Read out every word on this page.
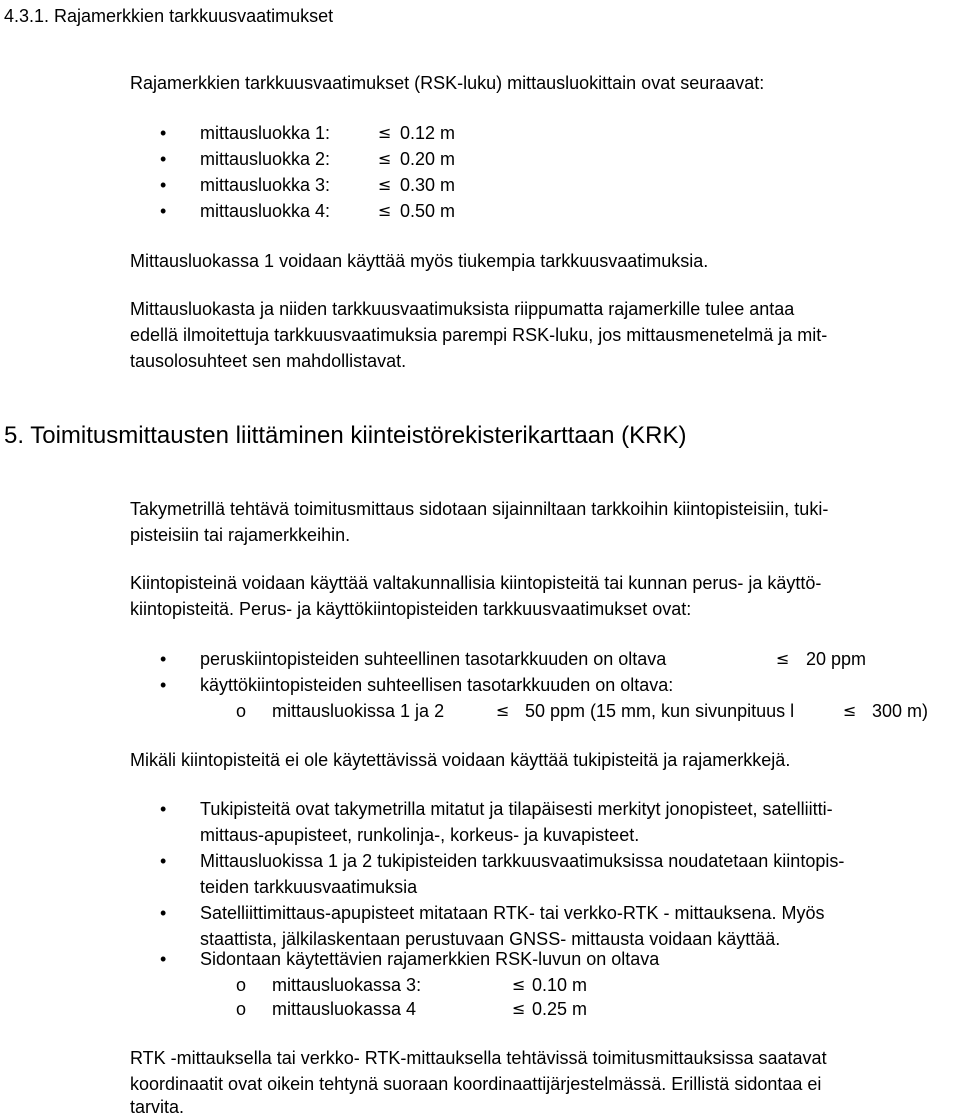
4.3.1. Rajamerkkien tarkkuusvaatimukset
Rajamerkkien tarkkuusvaatimukset (RSK-luku) mittausluokittain ovat seuraavat:
• mittausluokka 1:	≤ 0.12 m
• mittausluokka 2:	≤ 0.20 m
• mittausluokka 3:	≤ 0.30 m
• mittausluokka 4:	≤ 0.50 m
Mittausluokassa 1 voidaan käyttää myös tiukempia tarkkuusvaatimuksia.
Mittausluokasta ja niiden tarkkuusvaatimuksista riippumatta rajamerkille tulee antaa
edellä ilmoitettuja tarkkuusvaatimuksia parempi RSK-luku, jos mittausmenetelmä ja mit-
tausolosuhteet sen mahdollistavat.
5. Toimitusmittausten liittäminen kiinteistörekisterikarttaan (KRK)
Takymetrillä tehtävä toimitusmittaus sidotaan sijainniltaan tarkkoihin kiintopisteisiin, tuki-
pisteisiin tai rajamerkkeihin.
Kiintopisteinä voidaan käyttää valtakunnallisia kiintopisteitä tai kunnan perus- ja käyttö-
kiintopisteitä. Perus- ja käyttökiintopisteiden tarkkuusvaatimukset ovat:
• peruskiintopisteiden suhteellinen tasotarkkuuden on oltava	≤ 20 ppm
• käyttökiintopisteiden suhteellisen tasotarkkuuden on oltava:
o mittausluokissa 1 ja 2	≤ 50 ppm (15 mm, kun sivunpituus l	≤ 300 m)
Mikäli kiintopisteitä ei ole käytettävissä voidaan käyttää tukipisteitä ja rajamerkkejä.
• Tukipisteitä ovat takymetrilla mitatut ja tilapäisesti merkityt jonopisteet, satelliitti-
mittaus-apupisteet, runkolinja-, korkeus- ja kuvapisteet.
• Mittausluokissa 1 ja 2 tukipisteiden tarkkuusvaatimuksissa noudatetaan kiintopis-
teiden tarkkuusvaatimuksia
• Satelliittimittaus-apupisteet mitataan RTK- tai verkko-RTK - mittauksena. Myös
staattista, jälkilaskentaan perustuvaan GNSS- mittausta voidaan käyttää.
• Sidontaan käytettävien rajamerkkien RSK-luvun on oltava
o mittausluokassa 3:	≤ 0.10 m
o mittausluokassa 4	≤ 0.25 m
RTK -mittauksella tai verkko- RTK-mittauksella tehtävissä toimitusmittauksissa saatavat
koordinaatit ovat oikein tehtynä suoraan koordinaattijärjestelmässä. Erillistä sidontaa ei
tarvita.
